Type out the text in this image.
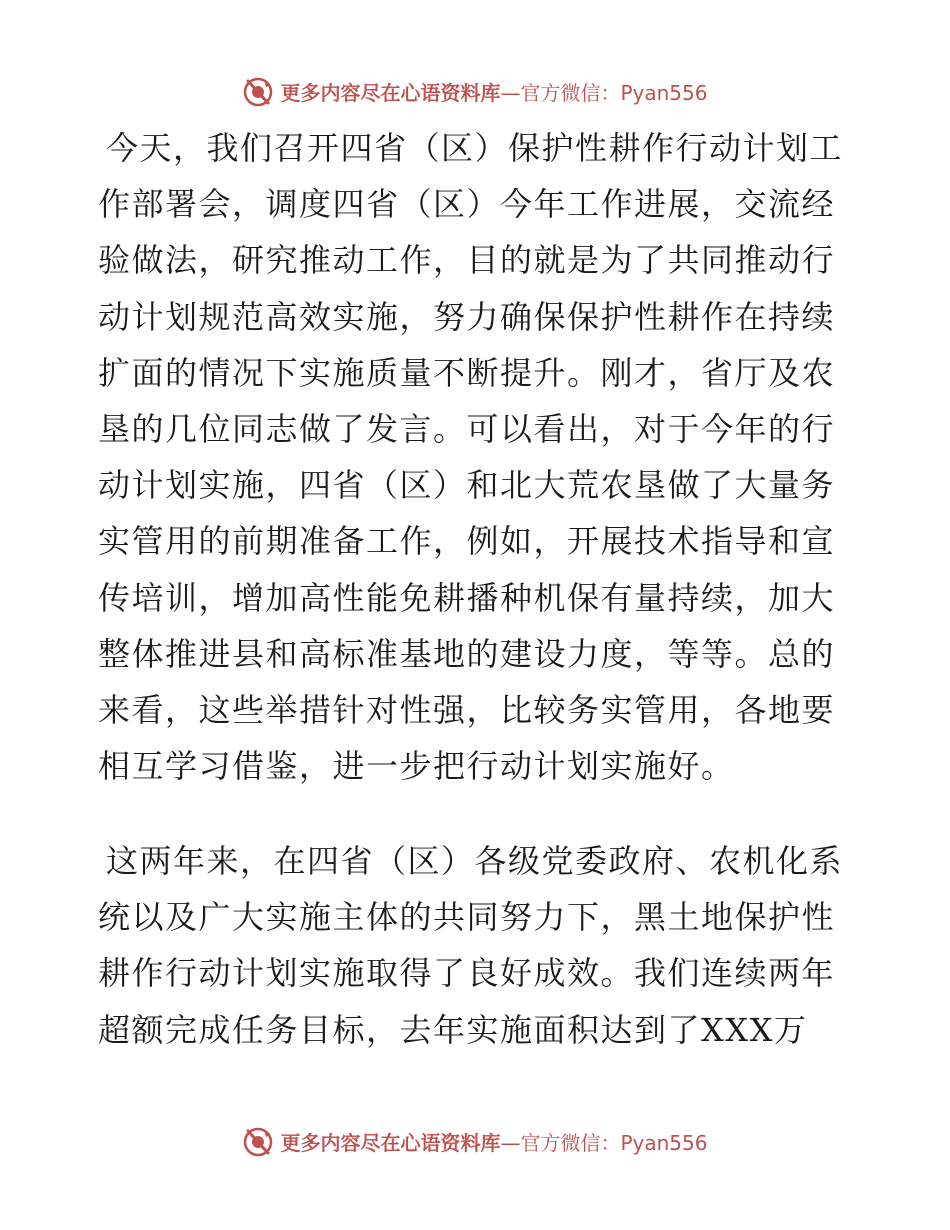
更多内容尽在心语资料库—官方微信：Pyan556
今天，我们召开四省（区）保护性耕作行动计划工作部署会，调度四省（区）今年工作进展，交流经验做法，研究推动工作，目的就是为了共同推动行动计划规范高效实施，努力确保保护性耕作在持续扩面的情况下实施质量不断提升。刚才，省厅及农垦的几位同志做了发言。可以看出，对于今年的行动计划实施，四省（区）和北大荒农垦做了大量务实管用的前期准备工作，例如，开展技术指导和宣传培训，增加高性能免耕播种机保有量持续，加大整体推进县和高标准基地的建设力度，等等。总的来看，这些举措针对性强，比较务实管用，各地要相互学习借鉴，进一步把行动计划实施好。
这两年来，在四省（区）各级党委政府、农机化系统以及广大实施主体的共同努力下，黑土地保护性耕作行动计划实施取得了良好成效。我们连续两年超额完成任务目标，去年实施面积达到了XXX万
更多内容尽在心语资料库—官方微信：Pyan556
